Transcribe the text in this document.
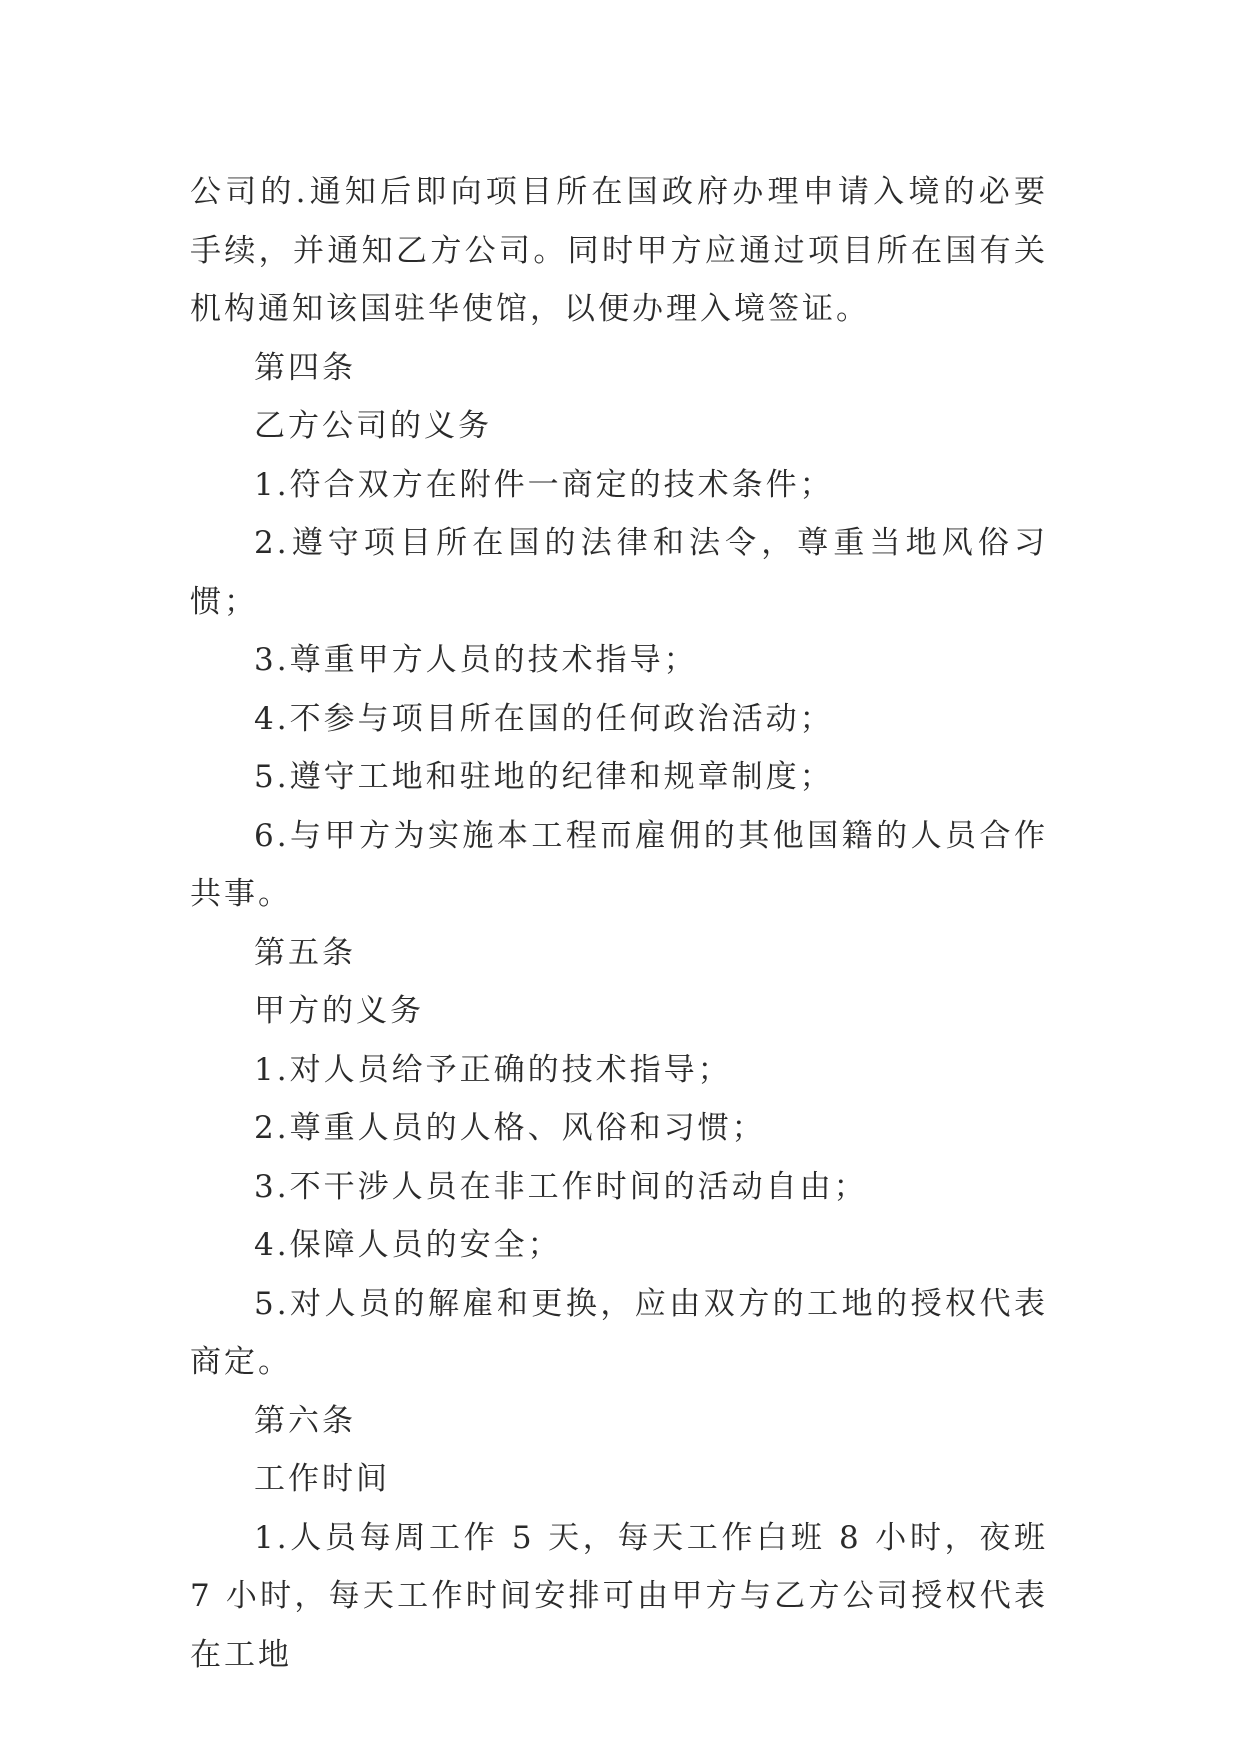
公司的.通知后即向项目所在国政府办理申请入境的必要手续，并通知乙方公司。同时甲方应通过项目所在国有关机构通知该国驻华使馆，以便办理入境签证。

第四条

乙方公司的义务

1.符合双方在附件一商定的技术条件；

2.遵守项目所在国的法律和法令，尊重当地风俗习惯；

3.尊重甲方人员的技术指导；

4.不参与项目所在国的任何政治活动；

5.遵守工地和驻地的纪律和规章制度；

6.与甲方为实施本工程而雇佣的其他国籍的人员合作共事。

第五条

甲方的义务

1.对人员给予正确的技术指导；

2.尊重人员的人格、风俗和习惯；

3.不干涉人员在非工作时间的活动自由；

4.保障人员的安全；

5.对人员的解雇和更换，应由双方的工地的授权代表商定。

第六条

工作时间

1.人员每周工作 5 天，每天工作白班 8 小时，夜班 7 小时，每天工作时间安排可由甲方与乙方公司授权代表在工地
